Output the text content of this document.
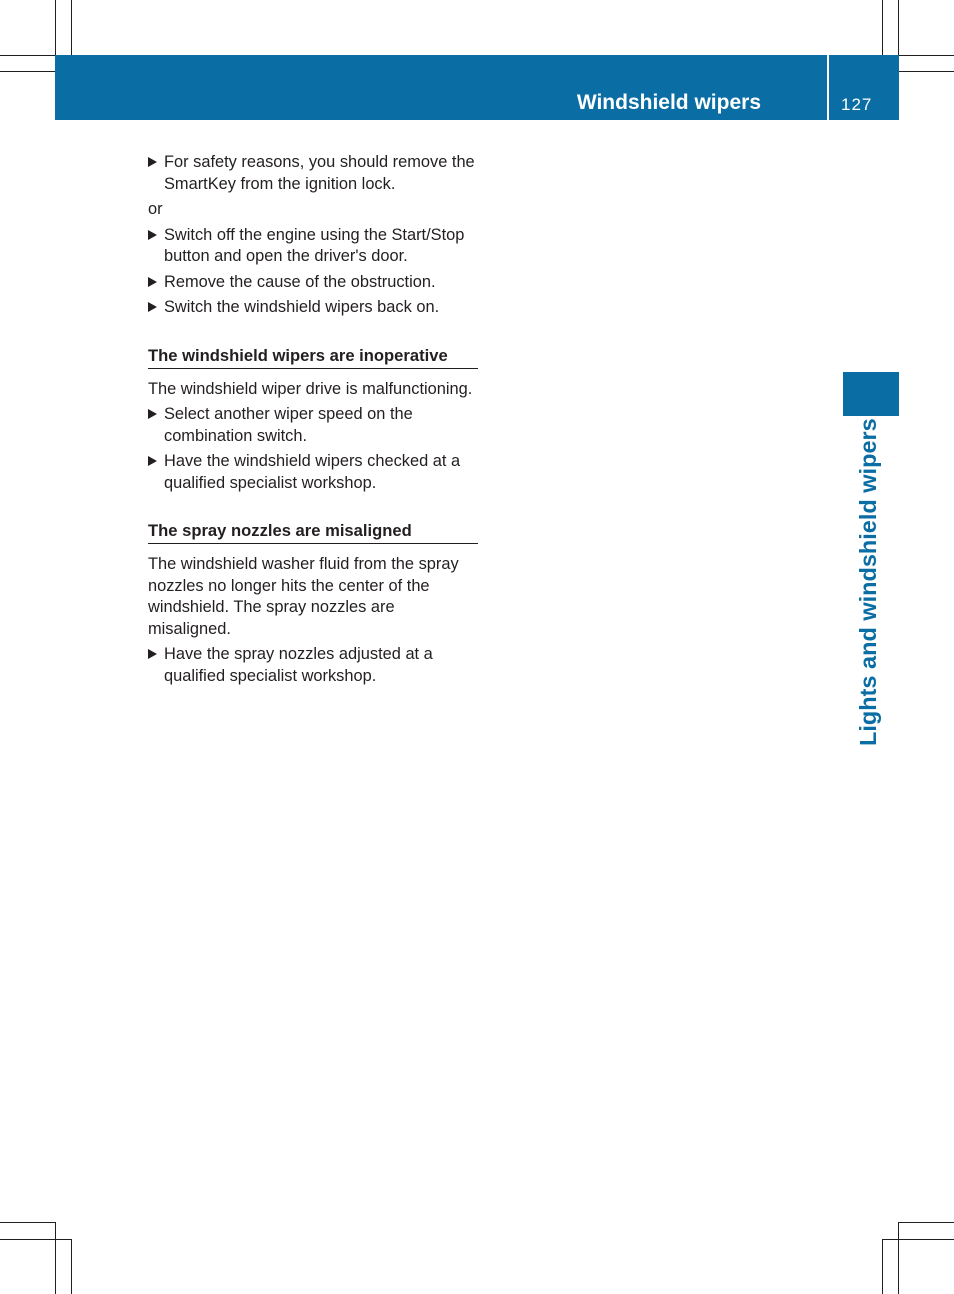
Windshield wipers	127
Lights and windshield wipers
For safety reasons, you should remove the SmartKey from the ignition lock.
or
Switch off the engine using the Start/Stop button and open the driver's door.
Remove the cause of the obstruction.
Switch the windshield wipers back on.
The windshield wipers are inoperative
The windshield wiper drive is malfunctioning.
Select another wiper speed on the combination switch.
Have the windshield wipers checked at a qualified specialist workshop.
The spray nozzles are misaligned
The windshield washer fluid from the spray nozzles no longer hits the center of the windshield. The spray nozzles are misaligned.
Have the spray nozzles adjusted at a qualified specialist workshop.
